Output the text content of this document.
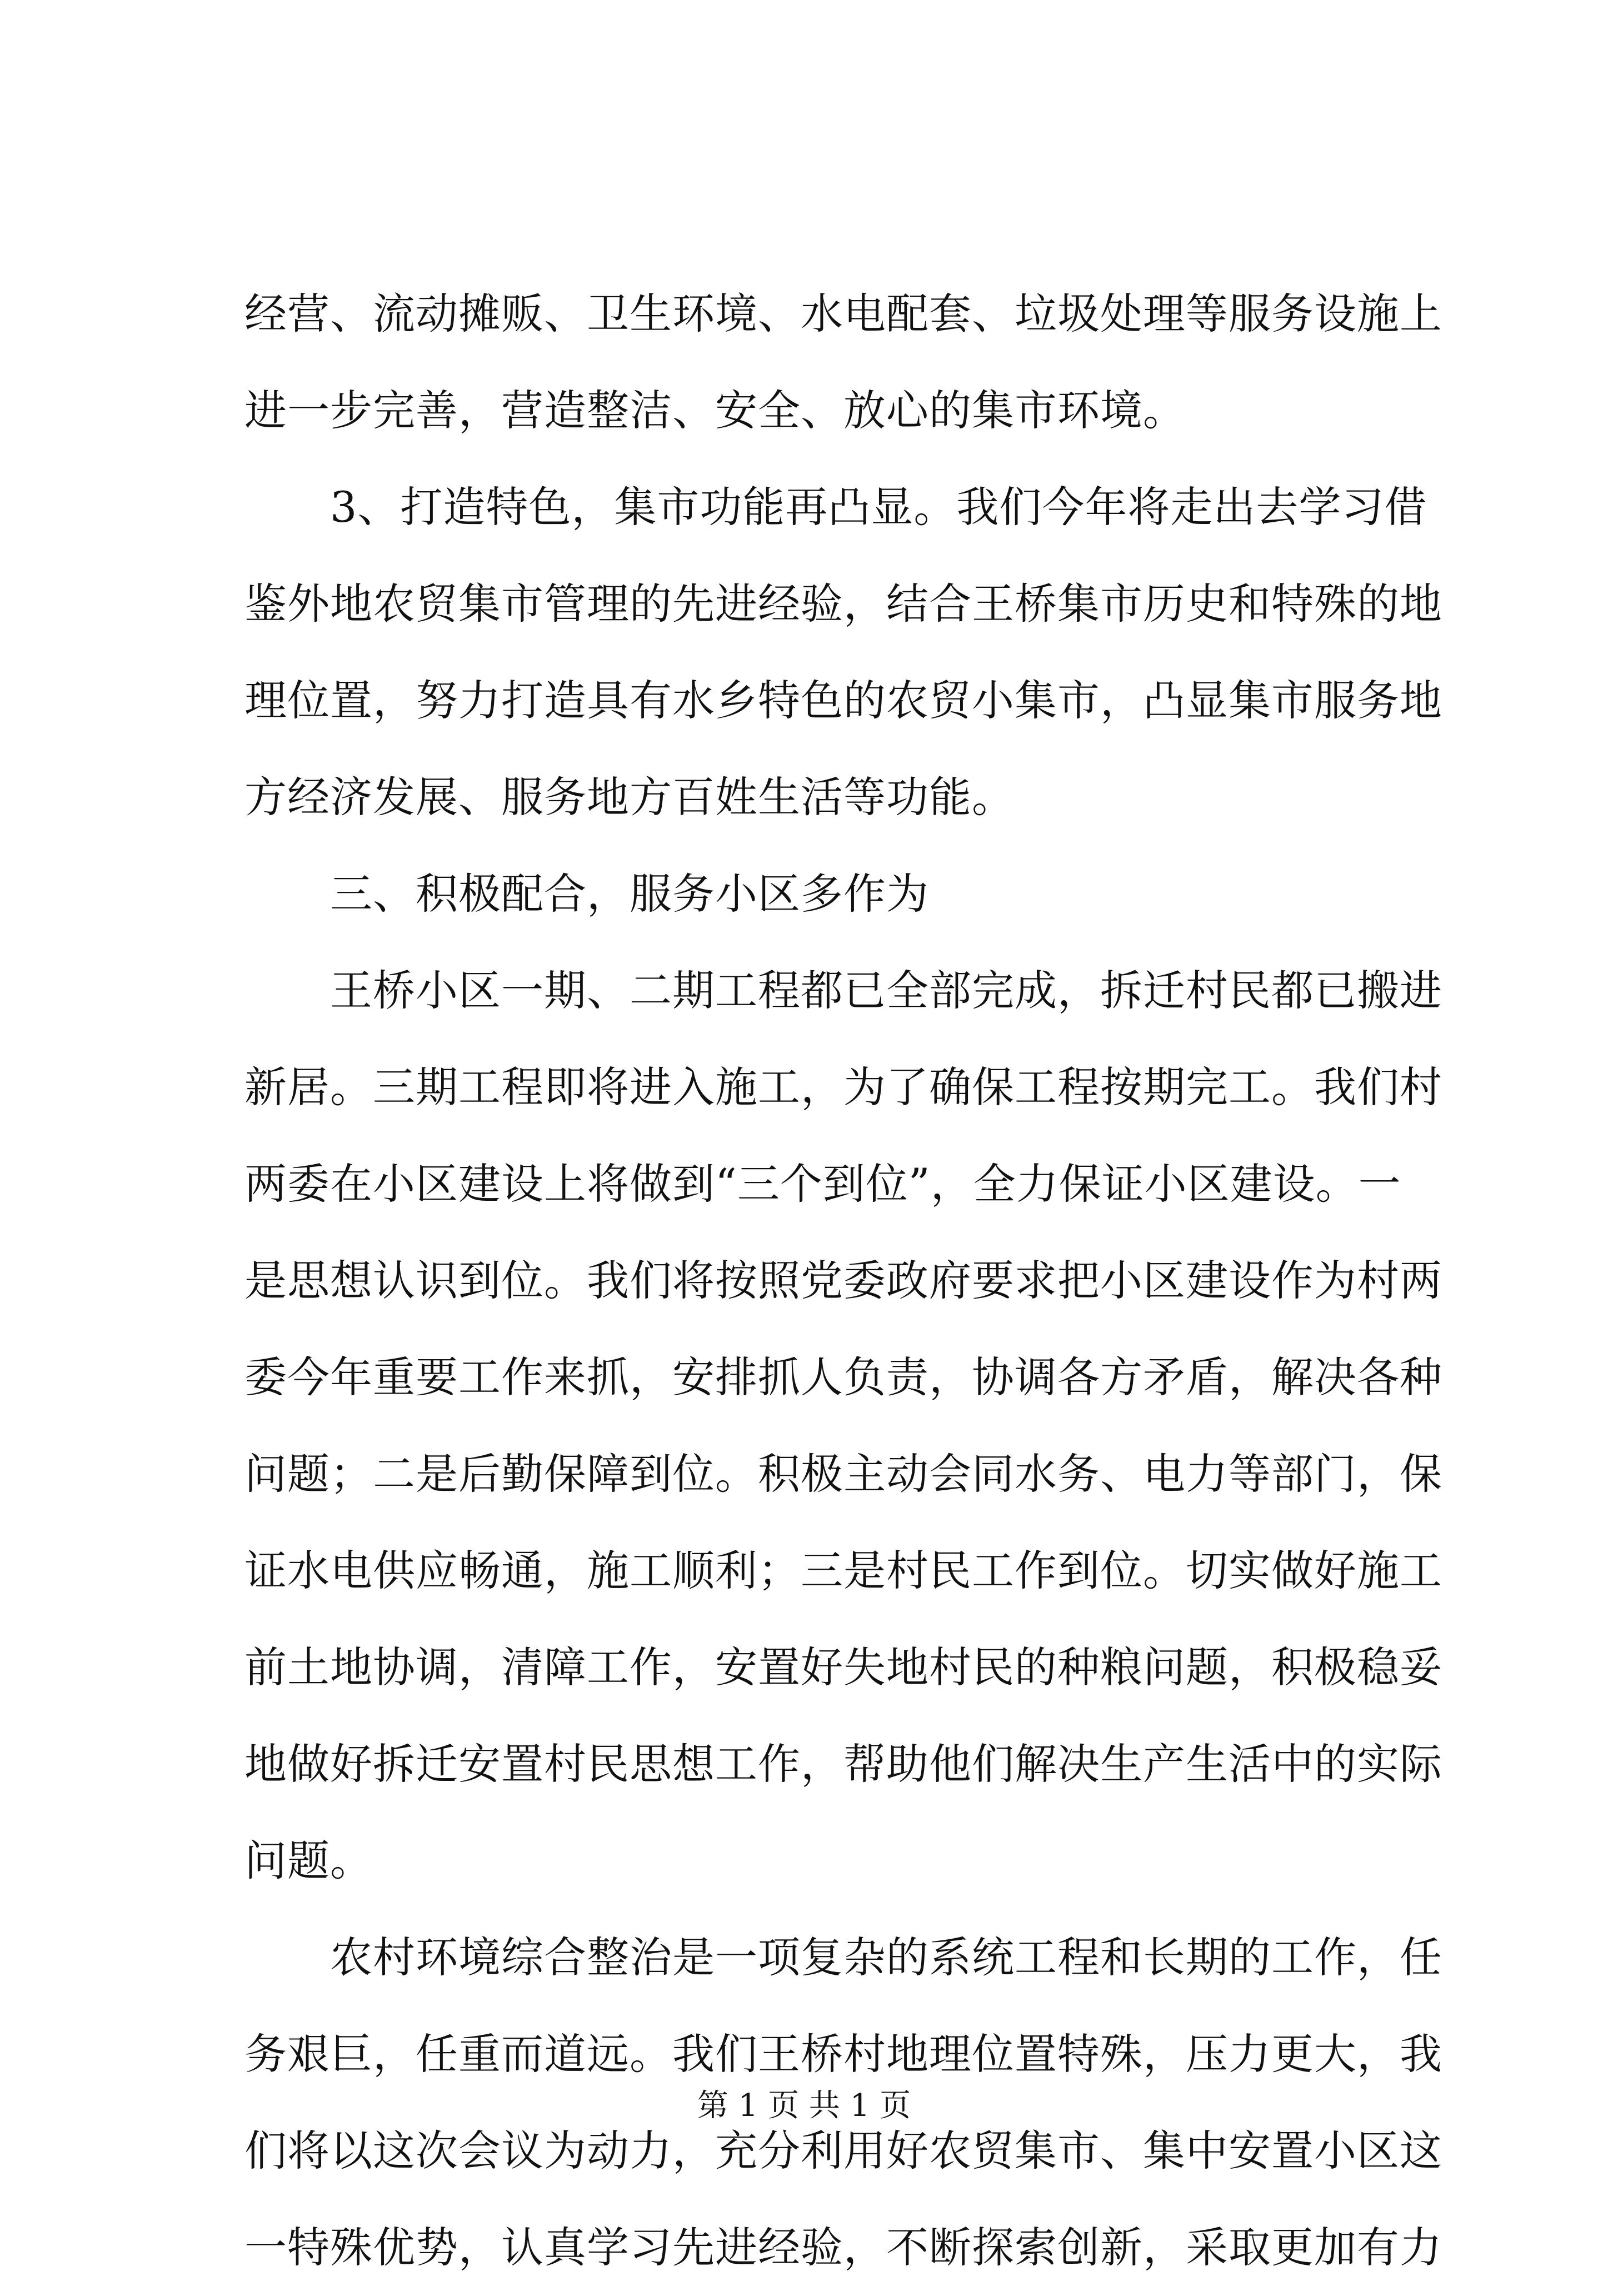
经营、流动摊贩、卫生环境、水电配套、垃圾处理等服务设施上
进一步完善，营造整洁、安全、放心的集市环境。
　　3、打造特色，集市功能再凸显。我们今年将走出去学习借
鉴外地农贸集市管理的先进经验，结合王桥集市历史和特殊的地
理位置，努力打造具有水乡特色的农贸小集市，凸显集市服务地
方经济发展、服务地方百姓生活等功能。
　　三、积极配合，服务小区多作为
　　王桥小区一期、二期工程都已全部完成，拆迁村民都已搬进
新居。三期工程即将进入施工，为了确保工程按期完工。我们村
两委在小区建设上将做到“三个到位”，全力保证小区建设。一
是思想认识到位。我们将按照党委政府要求把小区建设作为村两
委今年重要工作来抓，安排抓人负责，协调各方矛盾，解决各种
问题；二是后勤保障到位。积极主动会同水务、电力等部门，保
证水电供应畅通，施工顺利；三是村民工作到位。切实做好施工
前土地协调，清障工作，安置好失地村民的种粮问题，积极稳妥
地做好拆迁安置村民思想工作，帮助他们解决生产生活中的实际
问题。
　　农村环境综合整治是一项复杂的系统工程和长期的工作，任
务艰巨，任重而道远。我们王桥村地理位置特殊，压力更大，我
们将以这次会议为动力，充分利用好农贸集市、集中安置小区这
一特殊优势，认真学习先进经验，不断探索创新，采取更加有力
第 1 页 共 1 页
